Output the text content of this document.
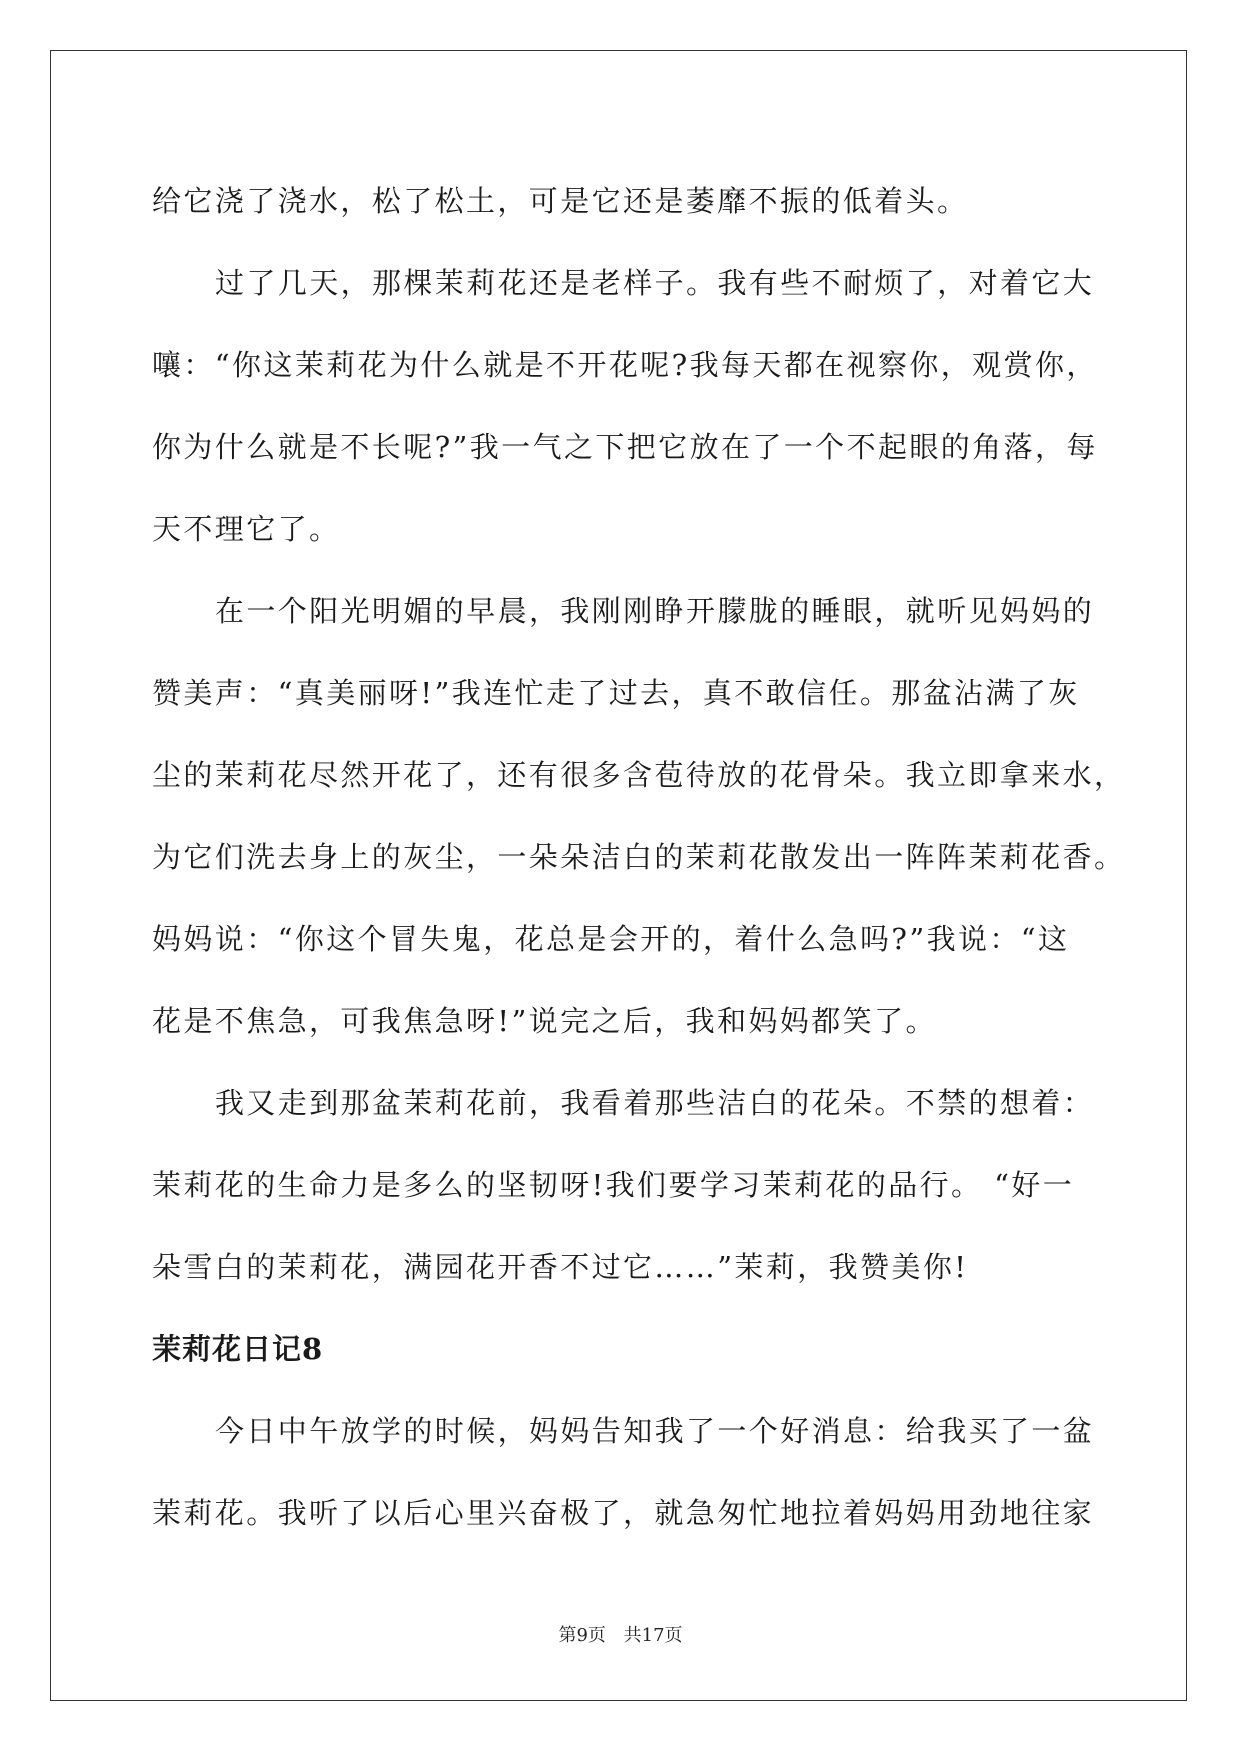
给它浇了浇水，松了松土，可是它还是萎靡不振的低着头。

过了几天，那棵茉莉花还是老样子。我有些不耐烦了，对着它大

嚷：“你这茉莉花为什么就是不开花呢?我每天都在视察你，观赏你，

你为什么就是不长呢?”我一气之下把它放在了一个不起眼的角落，每

天不理它了。

在一个阳光明媚的早晨，我刚刚睁开朦胧的睡眼，就听见妈妈的

赞美声：“真美丽呀!”我连忙走了过去，真不敢信任。那盆沾满了灰

尘的茉莉花尽然开花了，还有很多含苞待放的花骨朵。我立即拿来水，

为它们洗去身上的灰尘，一朵朵洁白的茉莉花散发出一阵阵茉莉花香。

妈妈说：“你这个冒失鬼，花总是会开的，着什么急吗?”我说：“这

花是不焦急，可我焦急呀!”说完之后，我和妈妈都笑了。

我又走到那盆茉莉花前，我看着那些洁白的花朵。不禁的想着：

茉莉花的生命力是多么的坚韧呀!我们要学习茉莉花的品行。 “好一

朵雪白的茉莉花，满园花开香不过它……”茉莉，我赞美你!

茉莉花日记8

今日中午放学的时候，妈妈告知我了一个好消息：给我买了一盆

茉莉花。我听了以后心里兴奋极了，就急匆忙地拉着妈妈用劲地往家

第9页 共17页
